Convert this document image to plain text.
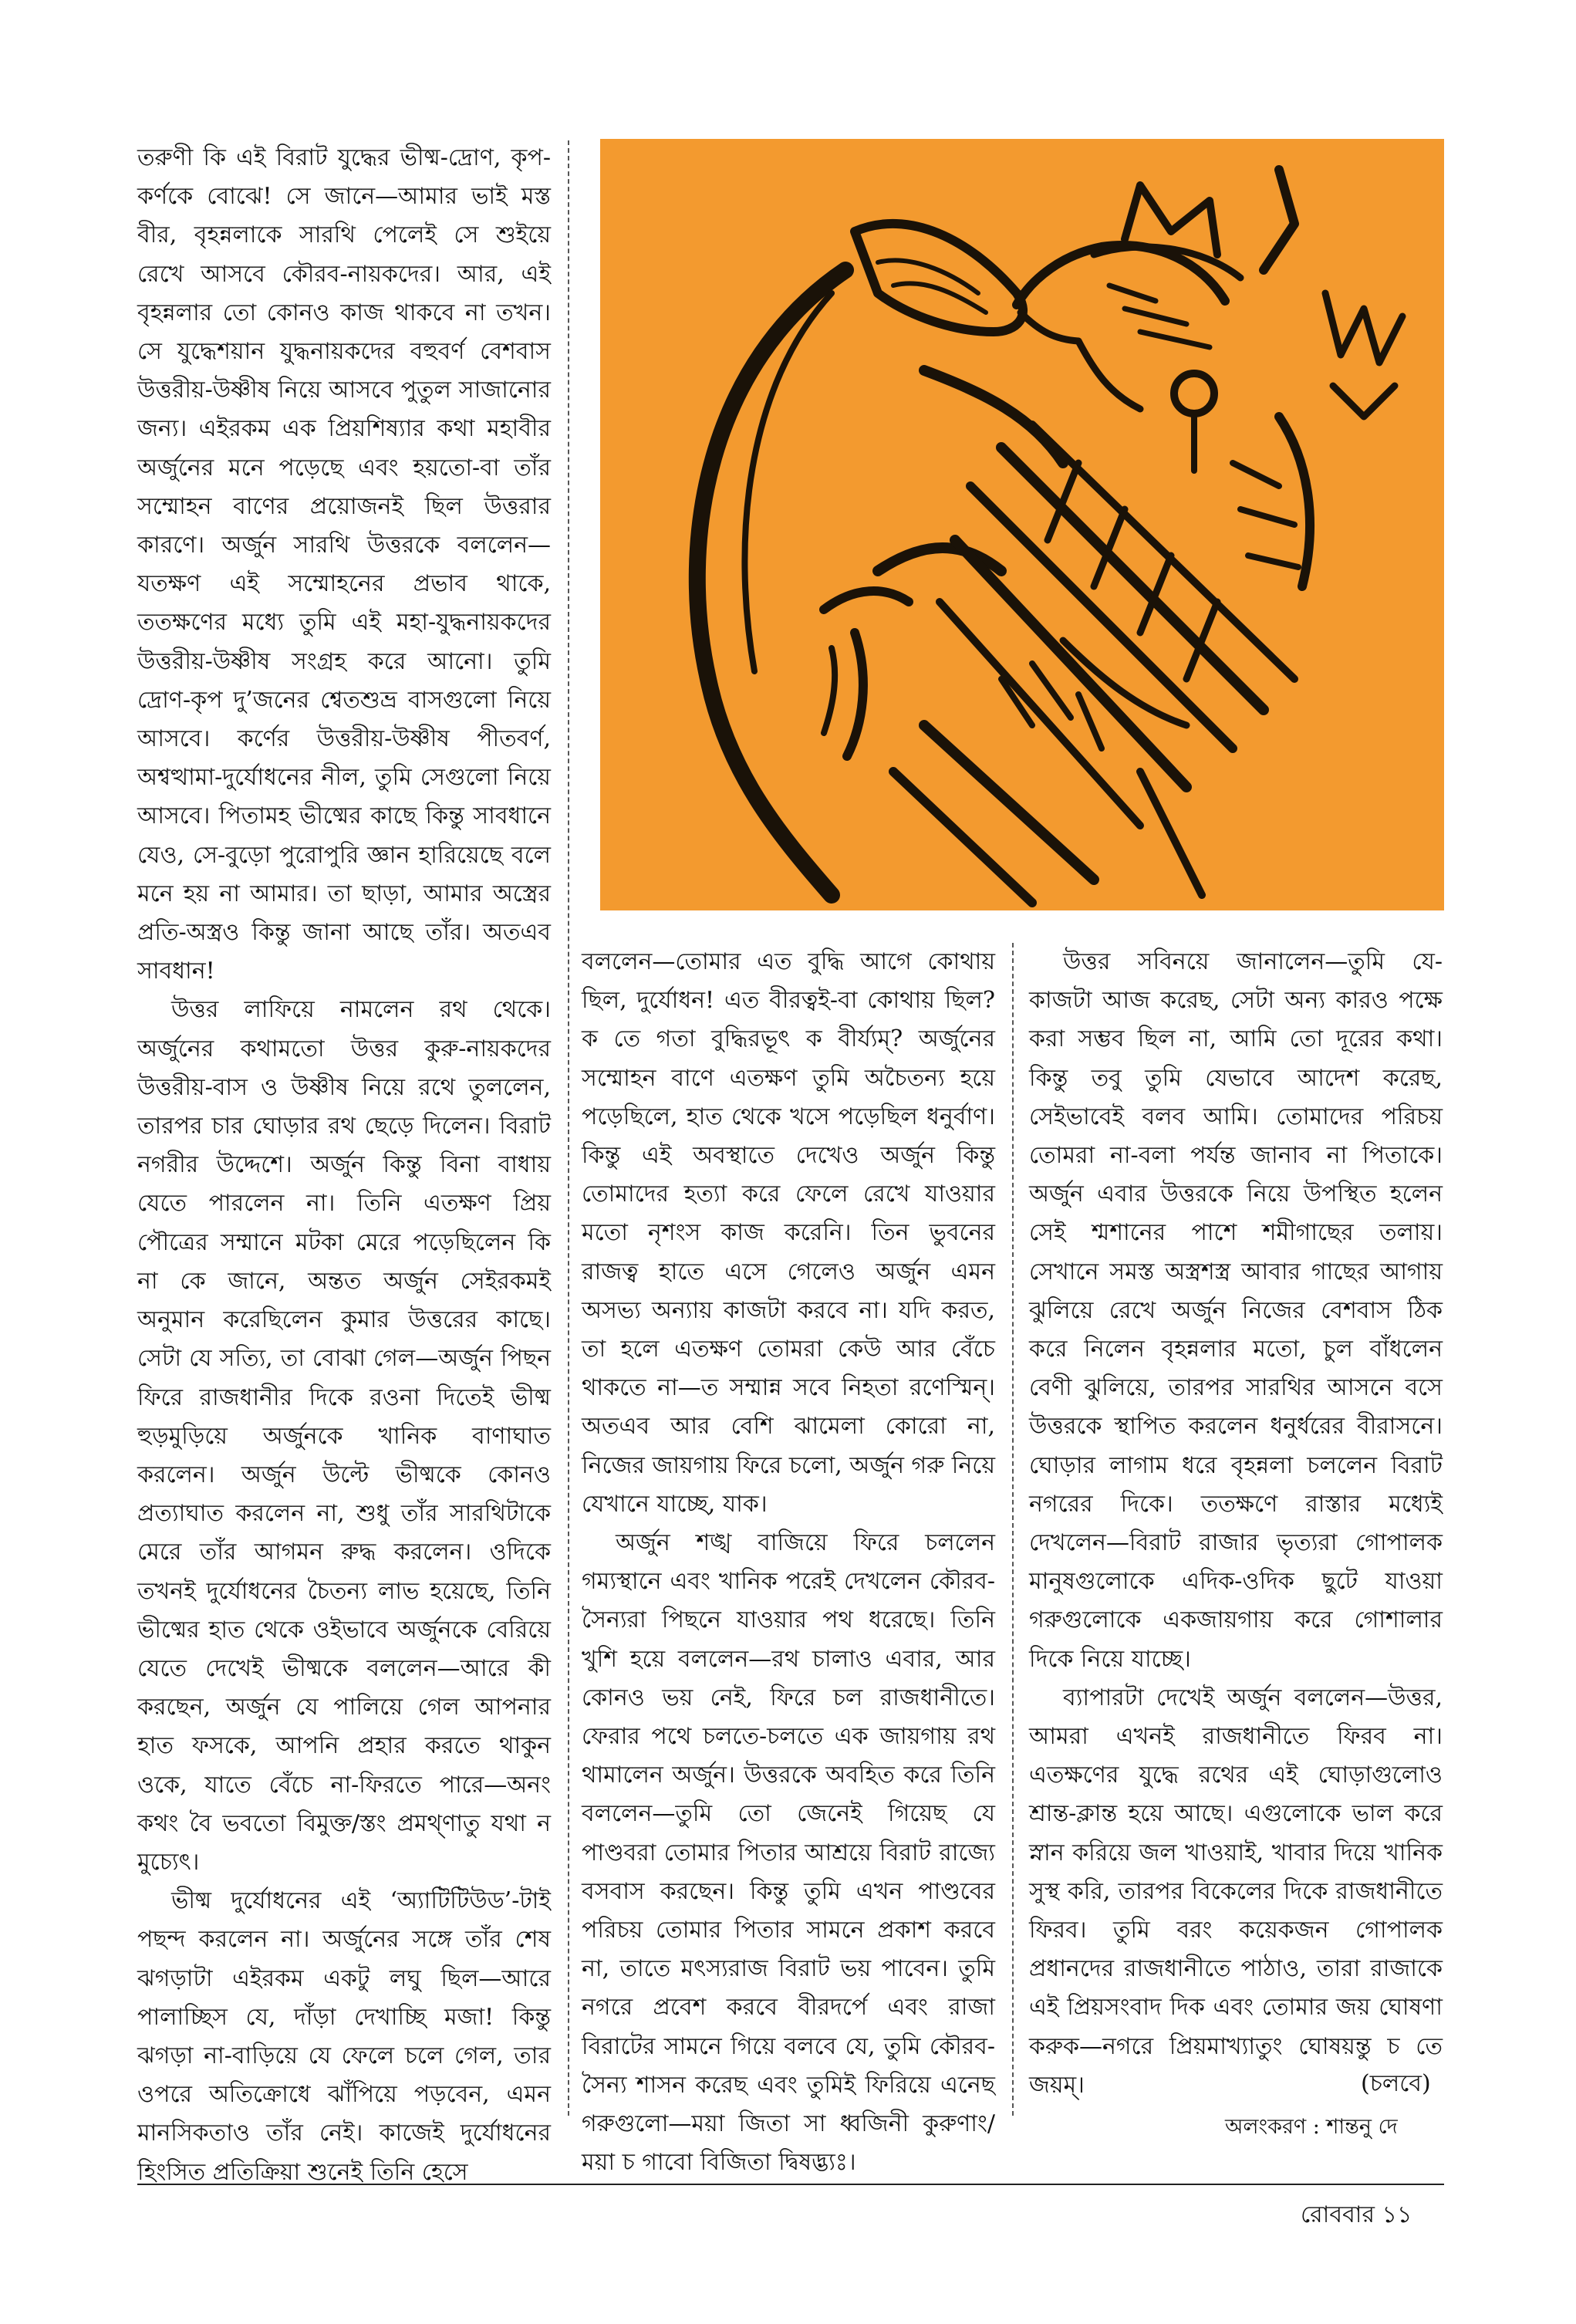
তরুণী কি এই বিরাট যুদ্ধের ভীষ্ম-দ্রোণ, কৃপ-কর্ণকে বোঝে! সে জানে—আমার ভাই মস্ত বীর, বৃহন্নলাকে সারথি পেলেই সে শুইয়ে রেখে আসবে কৌরব-নায়কদের। আর, এই বৃহন্নলার তো কোনও কাজ থাকবে না তখন। সে যুদ্ধেশয়ান যুদ্ধনায়কদের বহুবর্ণ বেশবাস উত্তরীয়-উষ্ণীষ নিয়ে আসবে পুতুল সাজানোর জন্য। এইরকম এক প্রিয়শিষ্যার কথা মহাবীর অর্জুনের মনে পড়েছে এবং হয়তো-বা তাঁর সম্মোহন বাণের প্রয়োজনই ছিল উত্তরার কারণে। অর্জুন সারথি উত্তরকে বললেন—যতক্ষণ এই সম্মোহনের প্রভাব থাকে, ততক্ষণের মধ্যে তুমি এই মহা-যুদ্ধনায়কদের উত্তরীয়-উষ্ণীষ সংগ্রহ করে আনো। তুমি দ্রোণ-কৃপ দু’জনের শ্বেতশুভ্র বাসগুলো নিয়ে আসবে। কর্ণের উত্তরীয়-উষ্ণীষ পীতবর্ণ, অশ্বত্থামা-দুর্যোধনের নীল, তুমি সেগুলো নিয়ে আসবে। পিতামহ ভীষ্মের কাছে কিন্তু সাবধানে যেও, সে-বুড়ো পুরোপুরি জ্ঞান হারিয়েছে বলে মনে হয় না আমার। তা ছাড়া, আমার অস্ত্রের প্রতি-অস্ত্রও কিন্তু জানা আছে তাঁর। অতএব সাবধান!

উত্তর লাফিয়ে নামলেন রথ থেকে। অর্জুনের কথামতো উত্তর কুরু-নায়কদের উত্তরীয়-বাস ও উষ্ণীষ নিয়ে রথে তুললেন, তারপর চার ঘোড়ার রথ ছেড়ে দিলেন। বিরাট নগরীর উদ্দেশে। অর্জুন কিন্তু বিনা বাধায় যেতে পারলেন না। তিনি এতক্ষণ প্রিয় পৌত্রের সম্মানে মটকা মেরে পড়েছিলেন কি না কে জানে, অন্তত অর্জুন সেইরকমই অনুমান করেছিলেন কুমার উত্তরের কাছে। সেটা যে সত্যি, তা বোঝা গেল—অর্জুন পিছন ফিরে রাজধানীর দিকে রওনা দিতেই ভীষ্ম হুড়মুড়িয়ে অর্জুনকে খানিক বাণাঘাত করলেন। অর্জুন উল্টে ভীষ্মকে কোনও প্রত্যাঘাত করলেন না, শুধু তাঁর সারথিটাকে মেরে তাঁর আগমন রুদ্ধ করলেন। ওদিকে তখনই দুর্যোধনের চৈতন্য লাভ হয়েছে, তিনি ভীষ্মের হাত থেকে ওইভাবে অর্জুনকে বেরিয়ে যেতে দেখেই ভীষ্মকে বললেন—আরে কী করছেন, অর্জুন যে পালিয়ে গেল আপনার হাত ফসকে, আপনি প্রহার করতে থাকুন ওকে, যাতে বেঁচে না-ফিরতে পারে—অনং কথং বৈ ভবতো বিমুক্ত/স্তং প্রমথ্ণাতু যথা ন মুচ্যেৎ।

ভীষ্ম দুর্যোধনের এই ‘অ্যাটিটিউড’-টাই পছন্দ করলেন না। অর্জুনের সঙ্গে তাঁর শেষ ঝগড়াটা এইরকম একটু লঘু ছিল—আরে পালাচ্ছিস যে, দাঁড়া দেখাচ্ছি মজা! কিন্তু ঝগড়া না-বাড়িয়ে যে ফেলে চলে গেল, তার ওপরে অতিক্রোধে ঝাঁপিয়ে পড়বেন, এমন মানসিকতাও তাঁর নেই। কাজেই দুর্যোধনের হিংসিত প্রতিক্রিয়া শুনেই তিনি হেসে

বললেন—তোমার এত বুদ্ধি আগে কোথায় ছিল, দুর্যোধন! এত বীরত্বই-বা কোথায় ছিল? ক তে গতা বুদ্ধিরভূৎ ক বীর্য্যম্? অর্জুনের সম্মোহন বাণে এতক্ষণ তুমি অচৈতন্য হয়ে পড়েছিলে, হাত থেকে খসে পড়েছিল ধনুর্বাণ। কিন্তু এই অবস্থাতে দেখেও অর্জুন কিন্তু তোমাদের হত্যা করে ফেলে রেখে যাওয়ার মতো নৃশংস কাজ করেনি। তিন ভুবনের রাজত্ব হাতে এসে গেলেও অর্জুন এমন অসভ্য অন্যায় কাজটা করবে না। যদি করত, তা হলে এতক্ষণ তোমরা কেউ আর বেঁচে থাকতে না—ত সম্মান্ন সবে নিহতা রণেস্মিন্। অতএব আর বেশি ঝামেলা কোরো না, নিজের জায়গায় ফিরে চলো, অর্জুন গরু নিয়ে যেখানে যাচ্ছে, যাক।

অর্জুন শঙ্খ বাজিয়ে ফিরে চললেন গম্যস্থানে এবং খানিক পরেই দেখলেন কৌরব-সৈন্যরা পিছনে যাওয়ার পথ ধরেছে। তিনি খুশি হয়ে বললেন—রথ চালাও এবার, আর কোনও ভয় নেই, ফিরে চল রাজধানীতে। ফেরার পথে চলতে-চলতে এক জায়গায় রথ থামালেন অর্জুন। উত্তরকে অবহিত করে তিনি বললেন—তুমি তো জেনেই গিয়েছ যে পাণ্ডবরা তোমার পিতার আশ্রয়ে বিরাট রাজ্যে বসবাস করছেন। কিন্তু তুমি এখন পাণ্ডবের পরিচয় তোমার পিতার সামনে প্রকাশ করবে না, তাতে মৎস্যরাজ বিরাট ভয় পাবেন। তুমি নগরে প্রবেশ করবে বীরদর্পে এবং রাজা বিরাটের সামনে গিয়ে বলবে যে, তুমি কৌরব-সৈন্য শাসন করেছ এবং তুমিই ফিরিয়ে এনেছ গরুগুলো—ময়া জিতা সা ধ্বজিনী কুরুণাং/ময়া চ গাবো বিজিতা দ্বিষদ্ভ্যঃ।

উত্তর সবিনয়ে জানালেন—তুমি যে-কাজটা আজ করেছ, সেটা অন্য কারও পক্ষে করা সম্ভব ছিল না, আমি তো দূরের কথা। কিন্তু তবু তুমি যেভাবে আদেশ করেছ, সেইভাবেই বলব আমি। তোমাদের পরিচয় তোমরা না-বলা পর্যন্ত জানাব না পিতাকে। অর্জুন এবার উত্তরকে নিয়ে উপস্থিত হলেন সেই শ্মশানের পাশে শমীগাছের তলায়। সেখানে সমস্ত অস্ত্রশস্ত্র আবার গাছের আগায় ঝুলিয়ে রেখে অর্জুন নিজের বেশবাস ঠিক করে নিলেন বৃহন্নলার মতো, চুল বাঁধলেন বেণী ঝুলিয়ে, তারপর সারথির আসনে বসে উত্তরকে স্থাপিত করলেন ধনুর্ধরের বীরাসনে। ঘোড়ার লাগাম ধরে বৃহন্নলা চললেন বিরাট নগরের দিকে। ততক্ষণে রাস্তার মধ্যেই দেখলেন—বিরাট রাজার ভৃত্যরা গোপালক মানুষগুলোকে এদিক-ওদিক ছুটে যাওয়া গরুগুলোকে একজায়গায় করে গোশালার দিকে নিয়ে যাচ্ছে।

ব্যাপারটা দেখেই অর্জুন বললেন—উত্তর, আমরা এখনই রাজধানীতে ফিরব না। এতক্ষণের যুদ্ধে রথের এই ঘোড়াগুলোও শ্রান্ত-ক্লান্ত হয়ে আছে। এগুলোকে ভাল করে স্নান করিয়ে জল খাওয়াই, খাবার দিয়ে খানিক সুস্থ করি, তারপর বিকেলের দিকে রাজধানীতে ফিরব। তুমি বরং কয়েকজন গোপালক প্রধানদের রাজধানীতে পাঠাও, তারা রাজাকে এই প্রিয়সংবাদ দিক এবং তোমার জয় ঘোষণা করুক—নগরে প্রিয়মাখ্যাতুং ঘোষয়ন্তু চ তে জয়ম্।	(চলবে)
অলংকরণ : শান্তনু দে
রোববার ১১
